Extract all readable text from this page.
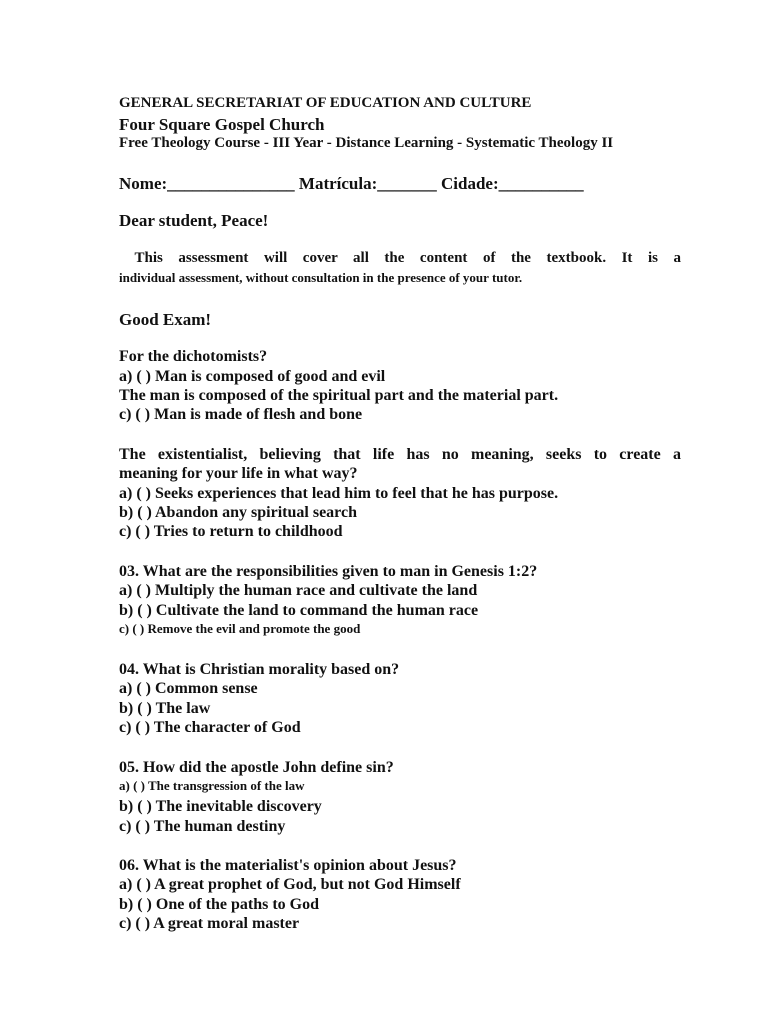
GENERAL SECRETARIAT OF EDUCATION AND CULTURE
Four Square Gospel Church
Free Theology Course - III Year - Distance Learning - Systematic Theology II
Nome:_______________ Matrícula:_______ Cidade:__________
Dear student, Peace!
This assessment will cover all the content of the textbook. It is a
individual assessment, without consultation in the presence of your tutor.
Good Exam!
For the dichotomists?
a) ( ) Man is composed of good and evil
The man is composed of the spiritual part and the material part.
c) ( ) Man is made of flesh and bone
The existentialist, believing that life has no meaning, seeks to create a
meaning for your life in what way?
a) ( ) Seeks experiences that lead him to feel that he has purpose.
b) ( ) Abandon any spiritual search
c) ( ) Tries to return to childhood
03. What are the responsibilities given to man in Genesis 1:2?
a) ( ) Multiply the human race and cultivate the land
b) ( ) Cultivate the land to command the human race
c) ( ) Remove the evil and promote the good
04. What is Christian morality based on?
a) ( ) Common sense
b) ( ) The law
c) ( ) The character of God
05. How did the apostle John define sin?
a) ( ) The transgression of the law
b) ( ) The inevitable discovery
c) ( ) The human destiny
06. What is the materialist's opinion about Jesus?
a) ( ) A great prophet of God, but not God Himself
b) ( ) One of the paths to God
c) ( ) A great moral master
